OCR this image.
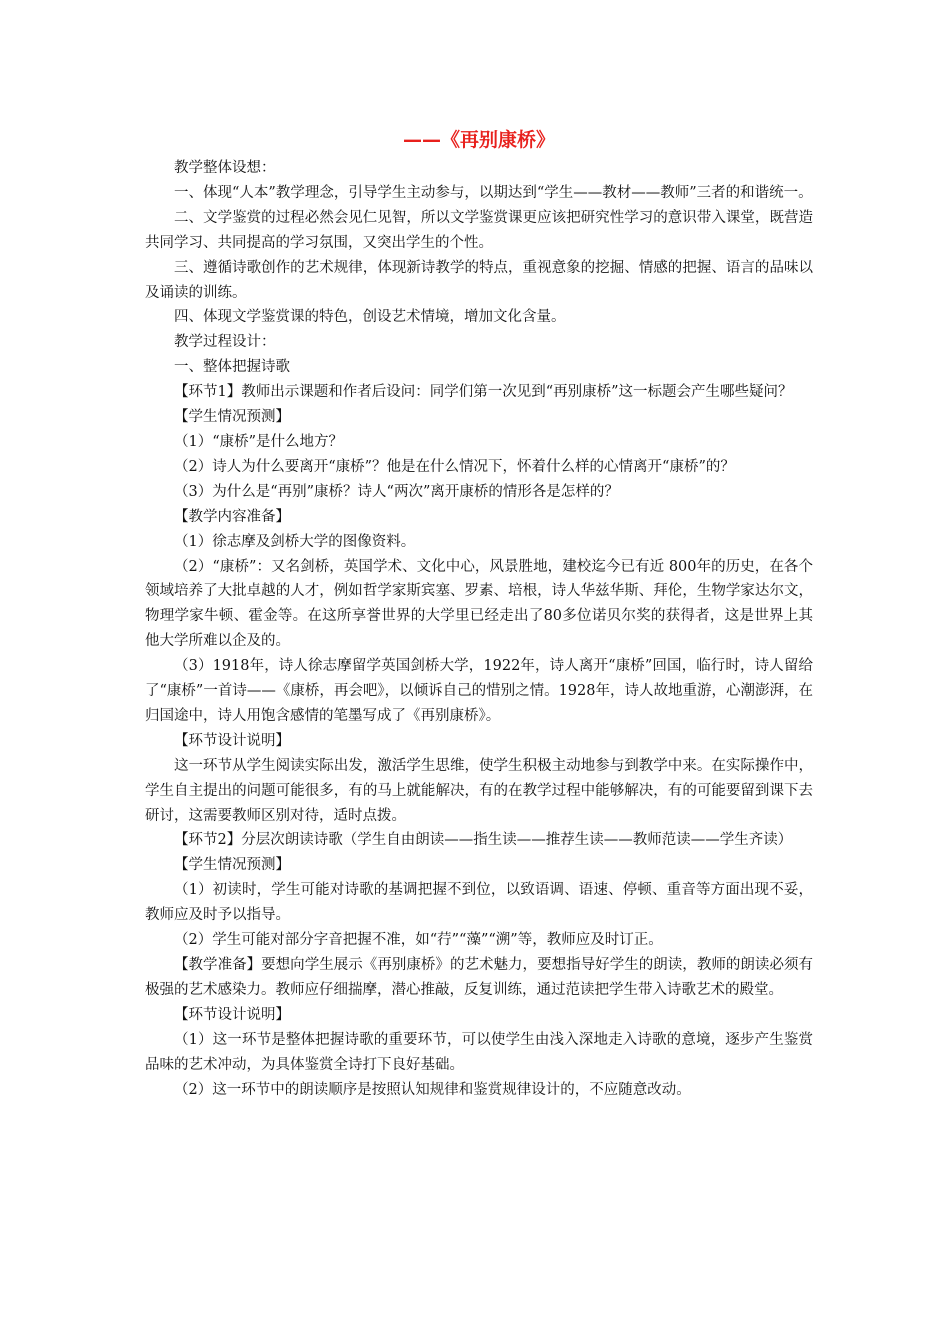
——《再别康桥》

教学整体设想：

一、体现“人本”教学理念，引导学生主动参与，以期达到“学生——教材——教师”三者的和谐统一。

二、文学鉴赏的过程必然会见仁见智，所以文学鉴赏课更应该把研究性学习的意识带入课堂，既营造共同学习、共同提高的学习氛围，又突出学生的个性。

三、遵循诗歌创作的艺术规律，体现新诗教学的特点，重视意象的挖掘、情感的把握、语言的品味以及诵读的训练。

四、体现文学鉴赏课的特色，创设艺术情境，增加文化含量。

教学过程设计：

一、整体把握诗歌

【环节1】教师出示课题和作者后设问：同学们第一次见到“再别康桥”这一标题会产生哪些疑问？

【学生情况预测】

（1）“康桥”是什么地方？

（2）诗人为什么要离开“康桥”？他是在什么情况下，怀着什么样的心情离开“康桥”的？

（3）为什么是“再别”康桥？诗人“两次”离开康桥的情形各是怎样的？

【教学内容准备】

（1）徐志摩及剑桥大学的图像资料。

（2）“康桥”：又名剑桥，英国学术、文化中心，风景胜地，建校迄今已有近 800年的历史，在各个领域培养了大批卓越的人才，例如哲学家斯宾塞、罗素、培根，诗人华兹华斯、拜伦，生物学家达尔文，物理学家牛顿、霍金等。在这所享誉世界的大学里已经走出了80多位诺贝尔奖的获得者，这是世界上其他大学所难以企及的。

（3）1918年，诗人徐志摩留学英国剑桥大学，1922年，诗人离开“康桥”回国，临行时，诗人留给了“康桥”一首诗——《康桥，再会吧》，以倾诉自己的惜别之情。1928年，诗人故地重游，心潮澎湃，在归国途中，诗人用饱含感情的笔墨写成了《再别康桥》。

【环节设计说明】

这一环节从学生阅读实际出发，激活学生思维，使学生积极主动地参与到教学中来。在实际操作中，学生自主提出的问题可能很多，有的马上就能解决，有的在教学过程中能够解决，有的可能要留到课下去研讨，这需要教师区别对待，适时点拨。

【环节2】分层次朗读诗歌（学生自由朗读——指生读——推荐生读——教师范读——学生齐读）

【学生情况预测】

（1）初读时，学生可能对诗歌的基调把握不到位，以致语调、语速、停顿、重音等方面出现不妥，教师应及时予以指导。

（2）学生可能对部分字音把握不准，如“荇”“藻”“溯”等，教师应及时订正。

【教学准备】要想向学生展示《再别康桥》的艺术魅力，要想指导好学生的朗读，教师的朗读必须有极强的艺术感染力。教师应仔细揣摩，潜心推敲，反复训练，通过范读把学生带入诗歌艺术的殿堂。

【环节设计说明】

（1）这一环节是整体把握诗歌的重要环节，可以使学生由浅入深地走入诗歌的意境，逐步产生鉴赏品味的艺术冲动，为具体鉴赏全诗打下良好基础。

（2）这一环节中的朗读顺序是按照认知规律和鉴赏规律设计的，不应随意改动。
